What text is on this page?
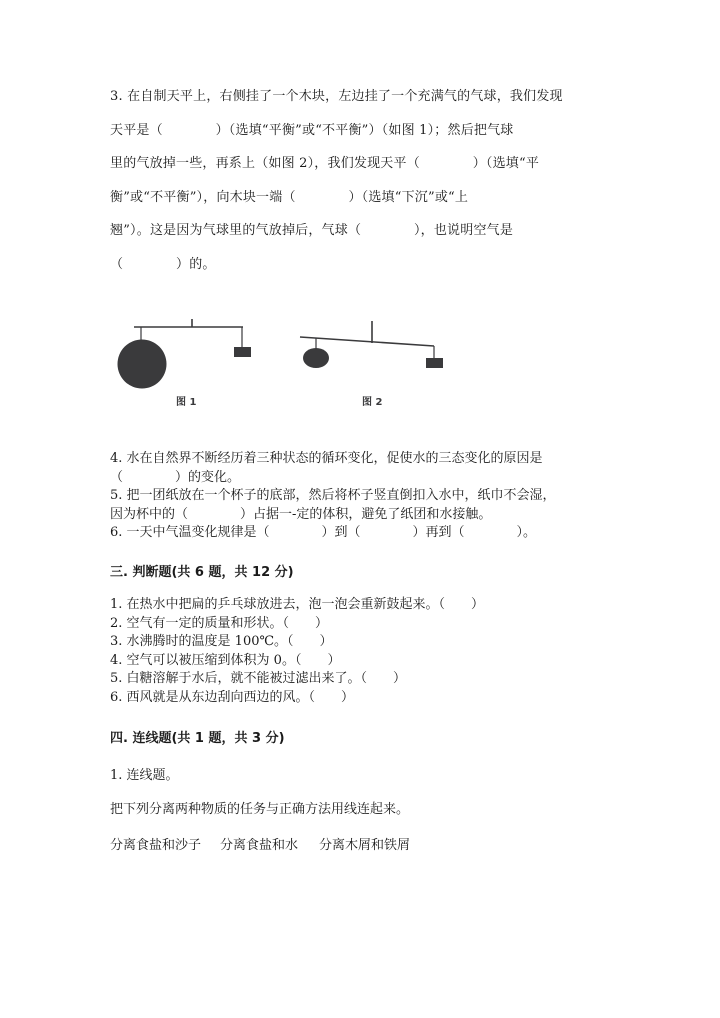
3. 在自制天平上，右侧挂了一个木块，左边挂了一个充满气的气球，我们发现
天平是（　　　　）（选填“平衡”或“不平衡”）（如图 1）；然后把气球
里的气放掉一些，再系上（如图 2），我们发现天平（　　　　）（选填“平
衡”或“不平衡”），向木块一端（　　　　）（选填“下沉”或“上
翘”）。这是因为气球里的气放掉后，气球（　　　　），也说明空气是
（　　　　）的。
图 1	图 2
4. 水在自然界不断经历着三种状态的循环变化，促使水的三态变化的原因是
（　　　　）的变化。
5. 把一团纸放在一个杯子的底部，然后将杯子竖直倒扣入水中，纸巾不会湿，
因为杯中的（　　　　）占据一-定的体积，避免了纸团和水接触。
6. 一天中气温变化规律是（　　　　）到（　　　　）再到（　　　　）。
三. 判断题(共 6 题，共 12 分)
1. 在热水中把扁的乒乓球放进去，泡一泡会重新鼓起来。（　　）
2. 空气有一定的质量和形状。（　　）
3. 水沸腾时的温度是 100℃。（　　）
4. 空气可以被压缩到体积为 0。（　　）
5. 白糖溶解于水后，就不能被过滤出来了。（　　）
6. 西风就是从东边刮向西边的风。（　　）
四. 连线题(共 1 题，共 3 分)
1. 连线题。
把下列分离两种物质的任务与正确方法用线连起来。
分离食盐和沙子 分离食盐和水 分离木屑和铁屑
